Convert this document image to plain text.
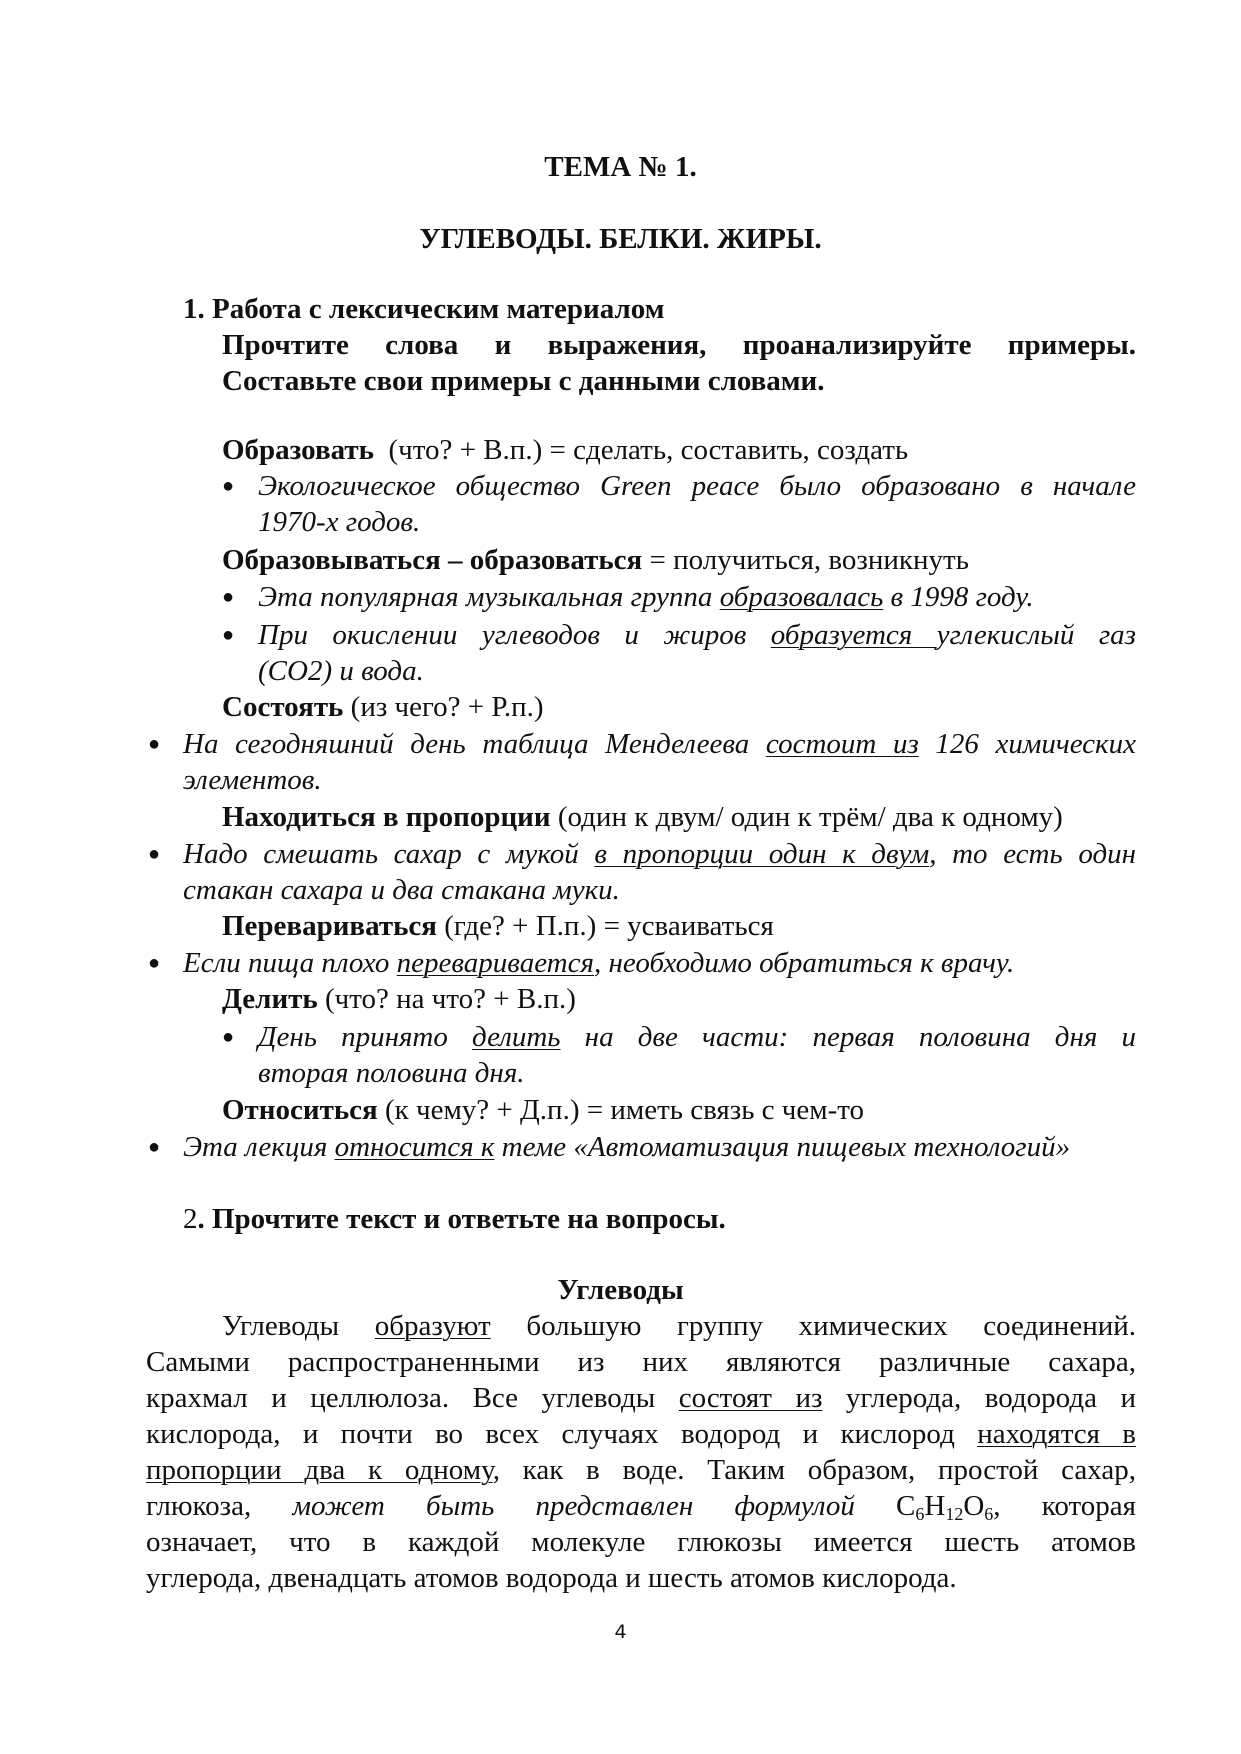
ТЕМА № 1.
УГЛЕВОДЫ. БЕЛКИ. ЖИРЫ.
1. Работа с лексическим материалом
Прочтите слова и выражения, проанализируйте примеры.
Составьте свои примеры с данными словами.
Образовать (что? + В.п.) = сделать, составить, создать
● Экологическое общество Green peace было образовано в начале
1970-х годов.
Образовываться – образоваться = получиться, возникнуть
● Эта популярная музыкальная группа образовалась в 1998 году.
● При окислении углеводов и жиров образуется углекислый газ
(CO2) и вода.
Состоять (из чего? + Р.п.)
● На сегодняшний день таблица Менделеева состоит из 126 химических
элементов.
Находиться в пропорции (один к двум/ один к трём/ два к одному)
● Надо смешать сахар с мукой в пропорции один к двум, то есть один
стакан сахара и два стакана муки.
Перевариваться (где? + П.п.) = усваиваться
● Если пища плохо переваривается, необходимо обратиться к врачу.
Делить (что? на что? + В.п.)
● День принято делить на две части: первая половина дня и
вторая половина дня.
Относиться (к чему? + Д.п.) = иметь связь с чем-то
● Эта лекция относится к теме «Автоматизация пищевых технологий»
2. Прочтите текст и ответьте на вопросы.
Углеводы
Углеводы образуют большую группу химических соединений.
Самыми распространенными из них являются различные сахара,
крахмал и целлюлоза. Все углеводы состоят из углерода, водорода и
кислорода, и почти во всех случаях водород и кислород находятся в
пропорции два к одному, как в воде. Таким образом, простой сахар,
глюкоза, может быть представлен формулой $C_6H_{12}O_6$, которая
означает, что в каждой молекуле глюкозы имеется шесть атомов
углерода, двенадцать атомов водорода и шесть атомов кислорода.
4
